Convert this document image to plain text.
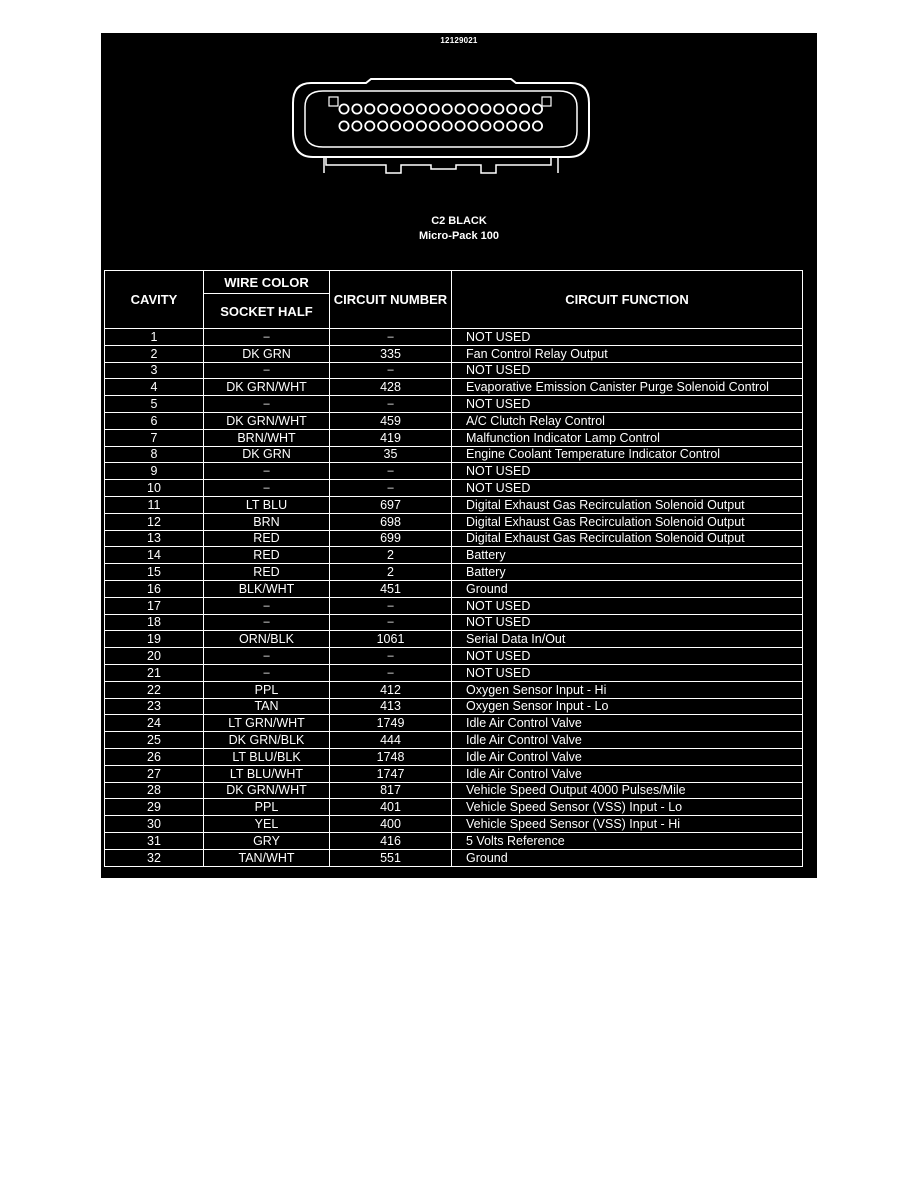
12129021
C2 BLACK
Micro-Pack 100
CAVITY	WIRE COLOR	CIRCUIT NUMBER	CIRCUIT FUNCTION
	SOCKET HALF		
1	–	–	NOT USED
2	DK GRN	335	Fan Control Relay Output
3	–	–	NOT USED
4	DK GRN/WHT	428	Evaporative Emission Canister Purge Solenoid Control
5	–	–	NOT USED
6	DK GRN/WHT	459	A/C Clutch Relay Control
7	BRN/WHT	419	Malfunction Indicator Lamp Control
8	DK GRN	35	Engine Coolant Temperature Indicator Control
9	–	–	NOT USED
10	–	–	NOT USED
11	LT BLU	697	Digital Exhaust Gas Recirculation Solenoid Output
12	BRN	698	Digital Exhaust Gas Recirculation Solenoid Output
13	RED	699	Digital Exhaust Gas Recirculation Solenoid Output
14	RED	2	Battery
15	RED	2	Battery
16	BLK/WHT	451	Ground
17	–	–	NOT USED
18	–	–	NOT USED
19	ORN/BLK	1061	Serial Data In/Out
20	–	–	NOT USED
21	–	–	NOT USED
22	PPL	412	Oxygen Sensor Input - Hi
23	TAN	413	Oxygen Sensor Input - Lo
24	LT GRN/WHT	1749	Idle Air Control Valve
25	DK GRN/BLK	444	Idle Air Control Valve
26	LT BLU/BLK	1748	Idle Air Control Valve
27	LT BLU/WHT	1747	Idle Air Control Valve
28	DK GRN/WHT	817	Vehicle Speed Output 4000 Pulses/Mile
29	PPL	401	Vehicle Speed Sensor (VSS) Input - Lo
30	YEL	400	Vehicle Speed Sensor (VSS) Input - Hi
31	GRY	416	5 Volts Reference
32	TAN/WHT	551	Ground
